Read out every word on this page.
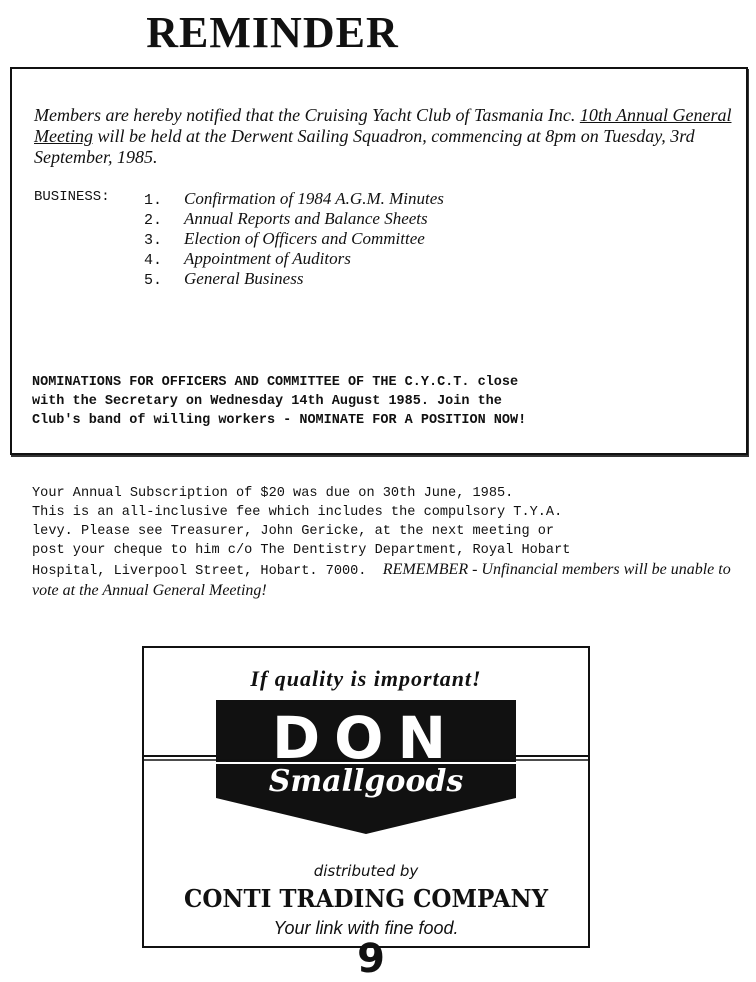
REMINDER
Members are hereby notified that the Cruising Yacht Club of Tasmania Inc. 10th Annual General Meeting will be held at the Derwent Sailing Squadron, commencing at 8pm on Tuesday, 3rd September, 1985.
BUSINESS: 1. Confirmation of 1984 A.G.M. Minutes
2. Annual Reports and Balance Sheets
3. Election of Officers and Committee
4. Appointment of Auditors
5. General Business
NOMINATIONS FOR OFFICERS AND COMMITTEE OF THE C.Y.C.T. close
with the Secretary on Wednesday 14th August 1985. Join the
Club's band of willing workers - NOMINATE FOR A POSITION NOW!
Your Annual Subscription of $20 was due on 30th June, 1985.
This is an all-inclusive fee which includes the compulsory T.Y.A.
levy. Please see Treasurer, John Gericke, at the next meeting or
post your cheque to him c/o The Dentistry Department, Royal Hobart
Hospital, Liverpool Street, Hobart. 7000. REMEMBER - Unfinancial members will be unable to vote at the Annual General Meeting!
If quality is important!
DON
Smallgoods
distributed by
CONTI TRADING COMPANY
Your link with fine food.
9
